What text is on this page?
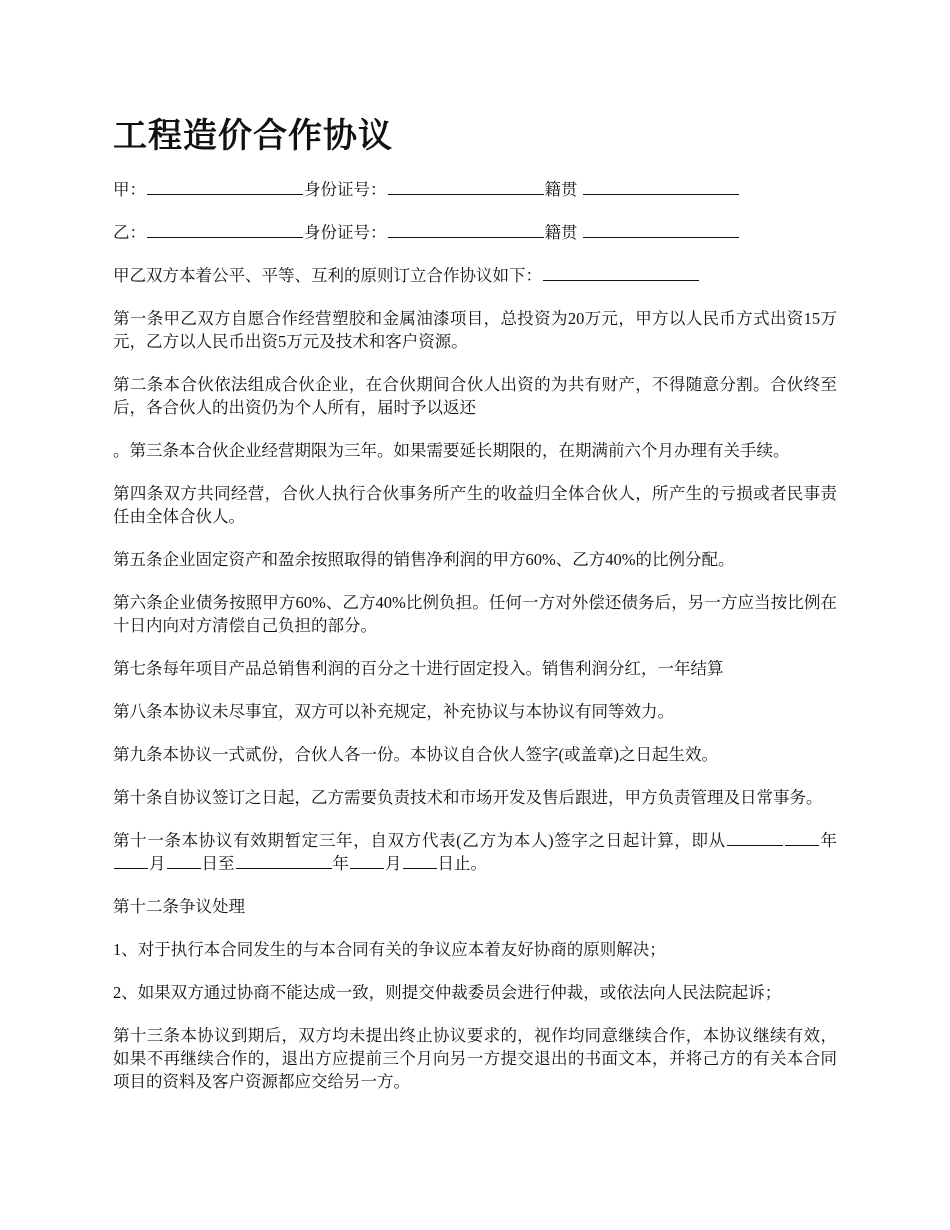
工程造价合作协议

甲：	身份证号：	籍贯

乙：	身份证号：	籍贯

甲乙双方本着公平、平等、互利的原则订立合作协议如下：

第一条甲乙双方自愿合作经营塑胶和金属油漆项目，总投资为20万元，甲方以人民币方式出资15万元，乙方以人民币出资5万元及技术和客户资源。

第二条本合伙依法组成合伙企业，在合伙期间合伙人出资的为共有财产，不得随意分割。合伙终至后，各合伙人的出资仍为个人所有，届时予以返还

。第三条本合伙企业经营期限为三年。如果需要延长期限的，在期满前六个月办理有关手续。

第四条双方共同经营，合伙人执行合伙事务所产生的收益归全体合伙人，所产生的亏损或者民事责任由全体合伙人。

第五条企业固定资产和盈余按照取得的销售净利润的甲方60%、乙方40%的比例分配。

第六条企业债务按照甲方60%、乙方40%比例负担。任何一方对外偿还债务后，另一方应当按比例在十日内向对方清偿自己负担的部分。

第七条每年项目产品总销售利润的百分之十进行固定投入。销售利润分红，一年结算

第八条本协议未尽事宜，双方可以补充规定，补充协议与本协议有同等效力。

第九条本协议一式贰份，合伙人各一份。本协议自合伙人签字(或盖章)之日起生效。

第十条自协议签订之日起，乙方需要负责技术和市场开发及售后跟进，甲方负责管理及日常事务。

第十一条本协议有效期暂定三年，自双方代表(乙方为本人)签字之日起计算，即从	年月 日至	年 月 日止。

第十二条争议处理

1、对于执行本合同发生的与本合同有关的争议应本着友好协商的原则解决；

2、如果双方通过协商不能达成一致，则提交仲裁委员会进行仲裁，或依法向人民法院起诉；

第十三条本协议到期后，双方均未提出终止协议要求的，视作均同意继续合作，本协议继续有效，如果不再继续合作的，退出方应提前三个月向另一方提交退出的书面文本，并将己方的有关本合同项目的资料及客户资源都应交给另一方。
